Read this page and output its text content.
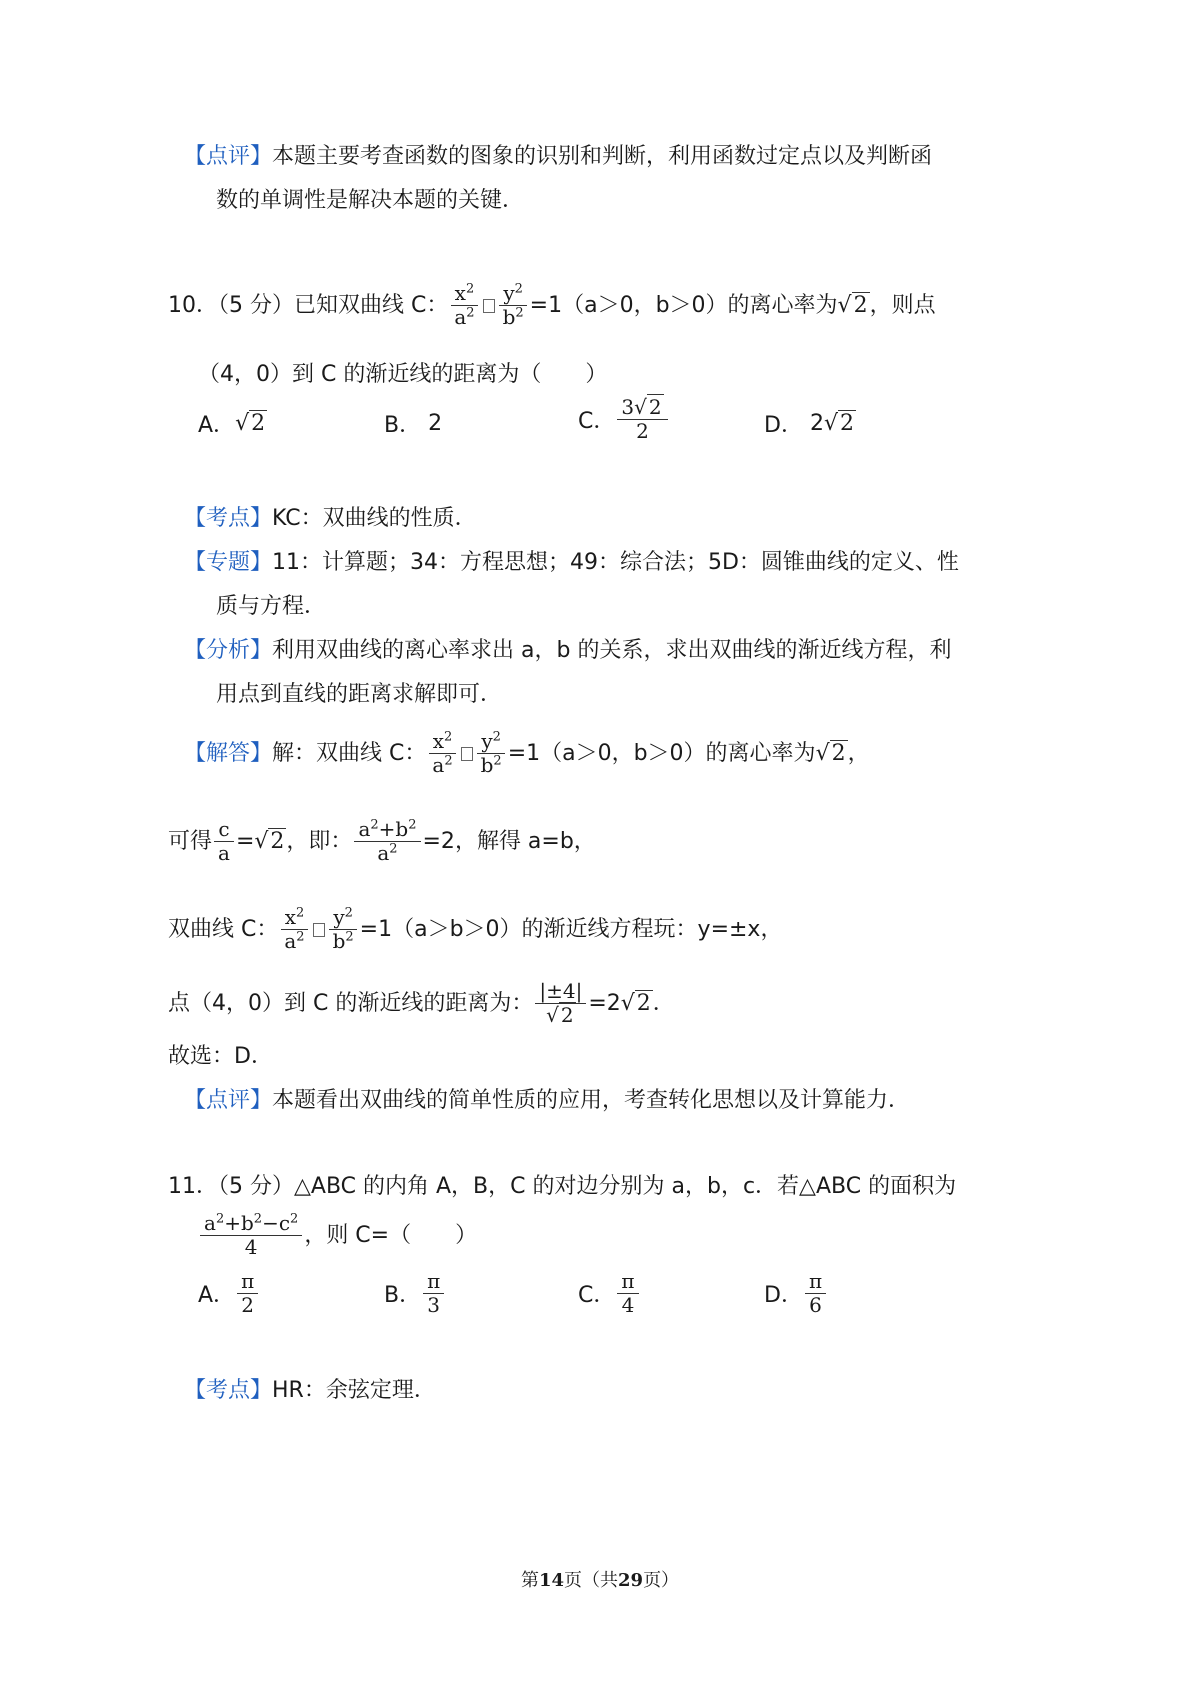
【点评】本题主要考查函数的图象的识别和判断，利用函数过定点以及判断函
数的单调性是解决本题的关键．
10．（5 分）已知双曲线 C： $\frac{x^2}{a^2} \frac{y^2}{b^2} =1(a>0$，b＞0）的离心率为 √2 ，则点
（4，0）到 C 的渐近线的距离为（　　）
A． √2	B．
2	C． $\frac{3√ 2}{2}$	D． 2 √2
【考点】KC：双曲线的性质．
【专题】11：计算题；34：方程思想；49：综合法；5D：圆锥曲线的定义、性
质与方程．
【分析】利用双曲线的离心率求出 a，b 的关系，求出双曲线的渐近线方程，利
用点到直线的距离求解即可．
【解答】 解：双曲线 C： $\frac{x^2}{a^2} \frac{y^2}{b^2} =1(a>0$，b＞0）的离心率为 √2 ，
可得 $\frac{c}{a} = √2$ ，即： $\frac{a^2+b^2}{a^2} =2$ ，解得 a=b，
双曲线 C： $\frac{x^2}{a^2} \frac{y^2}{b^2} =1(a>b>0)$的渐近线方程玩：y=±x，
点（4，0）到 C 的渐近线的距离为： $\frac{|\pm 4|}{√ 2} =2$ √2 ．
故选：D．
【点评】本题看出双曲线的简单性质的应用，考查转化思想以及计算能力．
11．（5 分）△ABC 的内角 A，B，C 的对边分别为 a，b，c．若△ABC 的面积为
$\frac{a^2+b^2-c^2}{4}$ ，则 C=（　　）
A． $\frac{\pi}{2}$	B． $\frac{\pi}{3}$	C． $\frac{\pi}{4}$	D． $\frac{\pi}{6}$
【考点】HR：余弦定理．
第14页（共29页）
